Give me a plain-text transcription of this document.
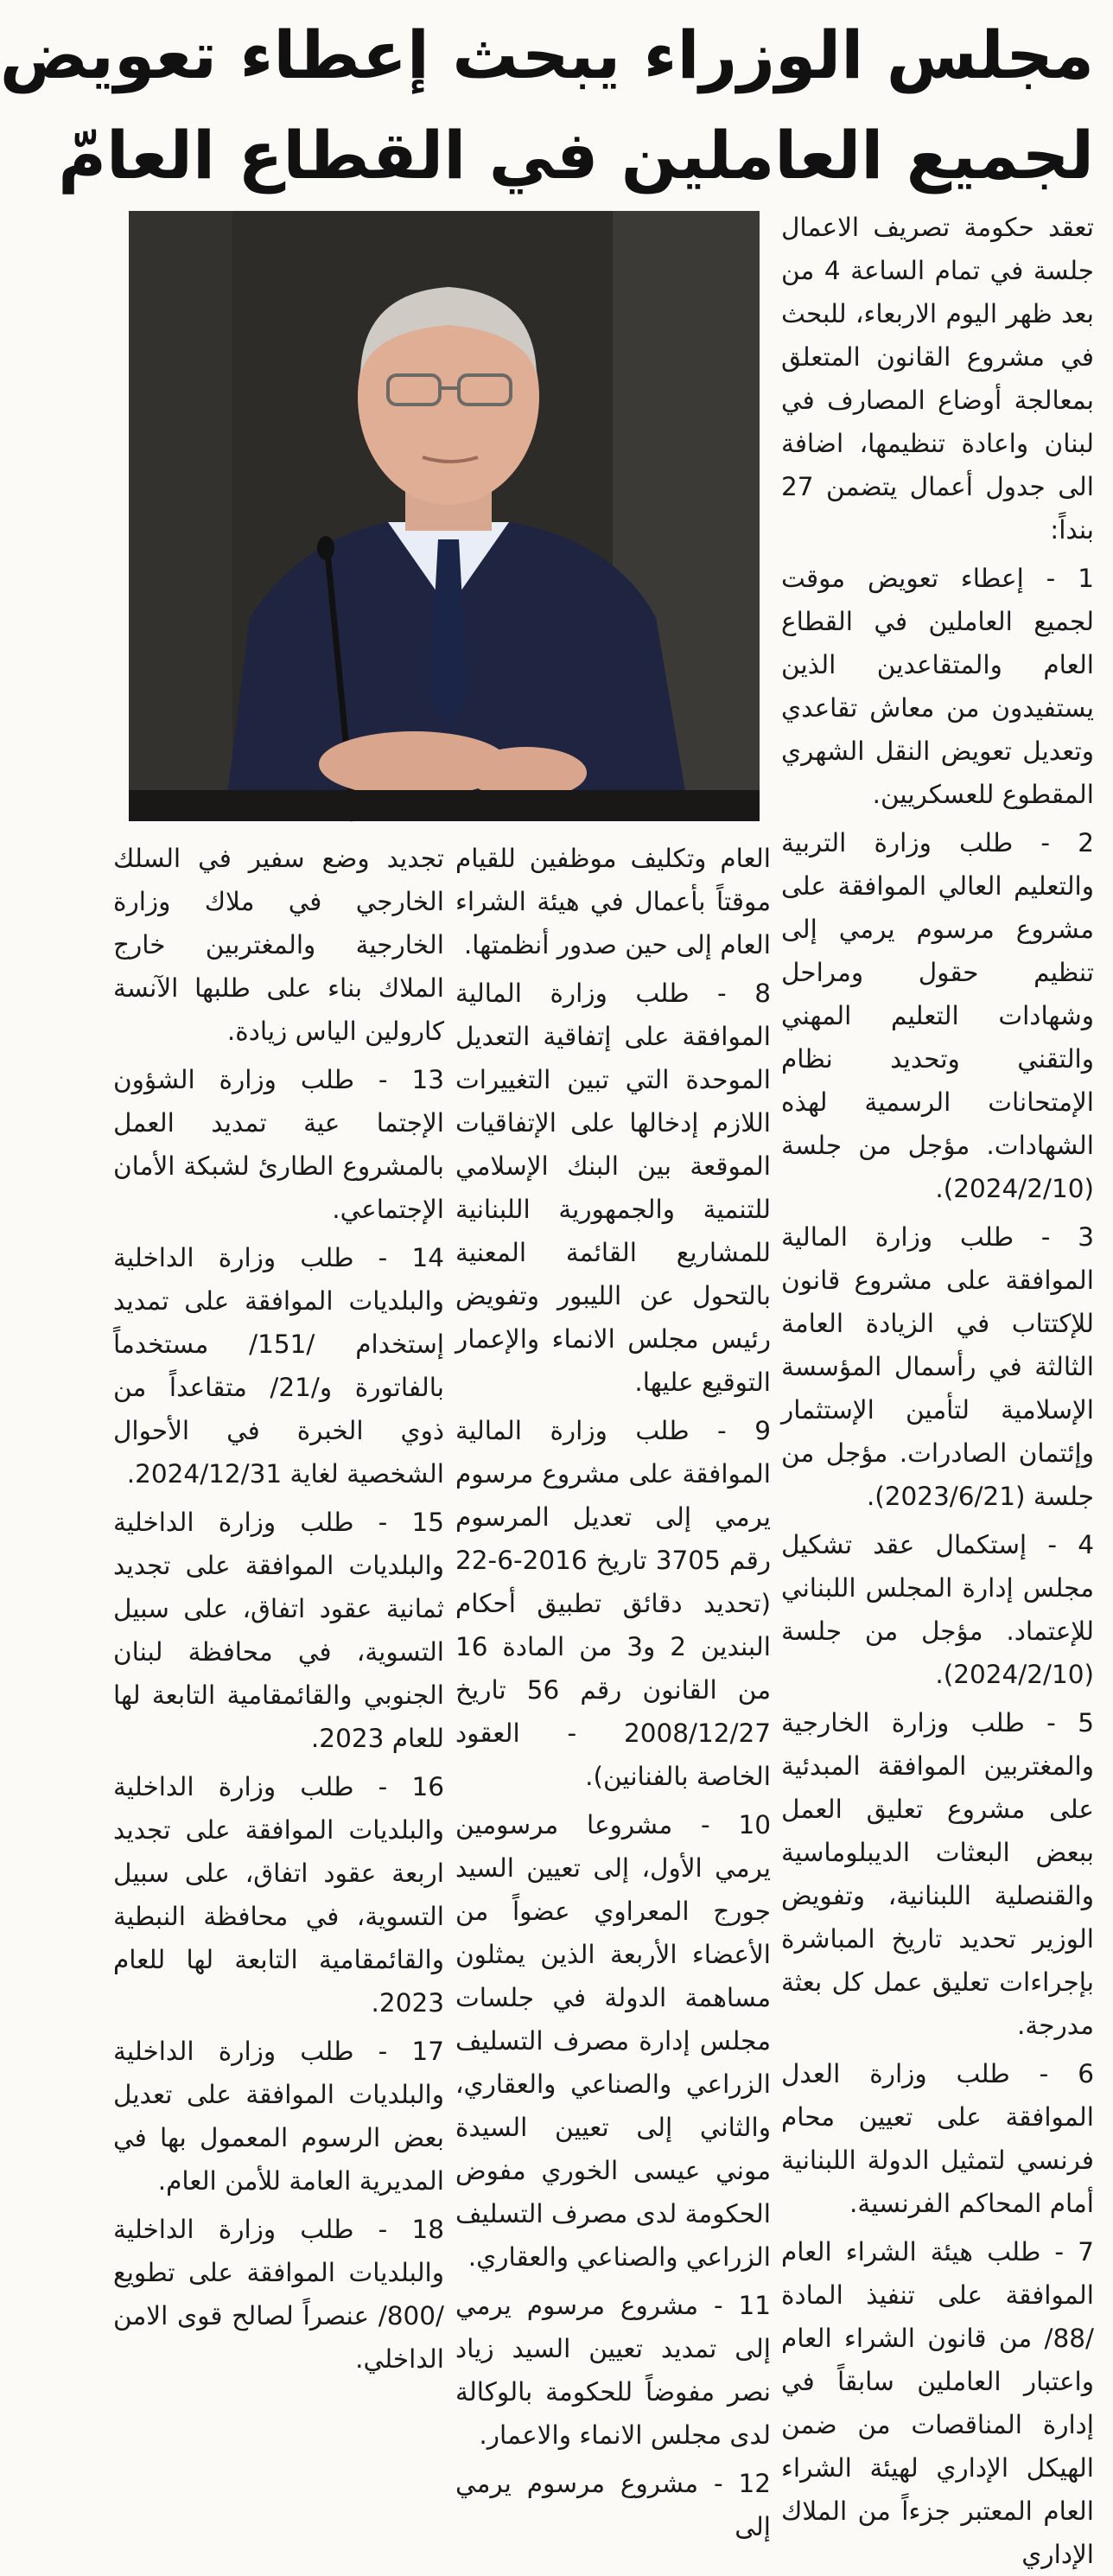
مجلس الوزراء يبحث إعطاء تعويض
لجميع العاملين في القطاع العامّ

تعقد حكومة تصريف الاعمال جلسة في تمام الساعة 4 من بعد ظهر اليوم الاربعاء، للبحث في مشروع القانون المتعلق بمعالجة أوضاع المصارف في لبنان واعادة تنظيمها، اضافة الى جدول أعمال يتضمن 27 بنداً:

1 - إعطاء تعويض موقت لجميع العاملين في القطاع العام والمتقاعدين الذين يستفيدون من معاش تقاعدي وتعديل تعويض النقل الشهري المقطوع للعسكريين.

2 - طلب وزارة التربية والتعليم العالي الموافقة على مشروع مرسوم يرمي إلى تنظيم حقول ومراحل وشهادات التعليم المهني والتقني وتحديد نظام الإمتحانات الرسمية لهذه الشهادات. مؤجل من جلسة (2024/2/10).

3 - طلب وزارة المالية الموافقة على مشروع قانون للإكتتاب في الزيادة العامة الثالثة في رأسمال المؤسسة الإسلامية لتأمين الإستثمار وإئتمان الصادرات. مؤجل من جلسة (2023/6/21).

4 - إستكمال عقد تشكيل مجلس إدارة المجلس اللبناني للإعتماد. مؤجل من جلسة (2024/2/10).

5 - طلب وزارة الخارجية والمغتربين الموافقة المبدئية على مشروع تعليق العمل ببعض البعثات الديبلوماسية والقنصلية اللبنانية، وتفويض الوزير تحديد تاريخ المباشرة بإجراءات تعليق عمل كل بعثة مدرجة.

6 - طلب وزارة العدل الموافقة على تعيين محام فرنسي لتمثيل الدولة اللبنانية أمام المحاكم الفرنسية.

7 - طلب هيئة الشراء العام الموافقة على تنفيذ المادة /88/ من قانون الشراء العام واعتبار العاملين سابقاً في إدارة المناقصات من ضمن الهيكل الإداري لهيئة الشراء العام المعتبر جزءاً من الملاك الإداري

العام وتكليف موظفين للقيام موقتاً بأعمال في هيئة الشراء العام إلى حين صدور أنظمتها.

8 - طلب وزارة المالية الموافقة على إتفاقية التعديل الموحدة التي تبين التغييرات اللازم إدخالها على الإتفاقيات الموقعة بين البنك الإسلامي للتنمية والجمهورية اللبنانية للمشاريع القائمة المعنية بالتحول عن الليبور وتفويض رئيس مجلس الانماء والإعمار التوقيع عليها.

9 - طلب وزارة المالية الموافقة على مشروع مرسوم يرمي إلى تعديل المرسوم رقم 3705 تاريخ 2016-6-22 (تحديد دقائق تطبيق أحكام البندين 2 و3 من المادة 16 من القانون رقم 56 تاريخ 2008/12/27 - العقود الخاصة بالفنانين).

10 - مشروعا مرسومين يرمي الأول، إلى تعيين السيد جورج المعراوي عضواً من الأعضاء الأربعة الذين يمثلون مساهمة الدولة في جلسات مجلس إدارة مصرف التسليف الزراعي والصناعي والعقاري، والثاني إلى تعيين السيدة موني عيسى الخوري مفوض الحكومة لدى مصرف التسليف الزراعي والصناعي والعقاري.

11 - مشروع مرسوم يرمي إلى تمديد تعيين السيد زياد نصر مفوضاً للحكومة بالوكالة لدى مجلس الانماء والاعمار.

12 - مشروع مرسوم يرمي إلى

تجديد وضع سفير في السلك الخارجي في ملاك وزارة الخارجية والمغتربين خارج الملاك بناء على طلبها الآنسة كارولين الياس زيادة.

13 - طلب وزارة الشؤون الإجتما عية تمديد العمل بالمشروع الطارئ لشبكة الأمان الإجتماعي.

14 - طلب وزارة الداخلية والبلديات الموافقة على تمديد إستخدام /151/ مستخدماً بالفاتورة و/21/ متقاعداً من ذوي الخبرة في الأحوال الشخصية لغاية 2024/12/31.

15 - طلب وزارة الداخلية والبلديات الموافقة على تجديد ثمانية عقود اتفاق، على سبيل التسوية، في محافظة لبنان الجنوبي والقائمقامية التابعة لها للعام 2023.

16 - طلب وزارة الداخلية والبلديات الموافقة على تجديد اربعة عقود اتفاق، على سبيل التسوية، في محافظة النبطية والقائمقامية التابعة لها للعام 2023.

17 - طلب وزارة الداخلية والبلديات الموافقة على تعديل بعض الرسوم المعمول بها في المديرية العامة للأمن العام.

18 - طلب وزارة الداخلية والبلديات الموافقة على تطويع /800/ عنصراً لصالح قوى الامن الداخلي.
